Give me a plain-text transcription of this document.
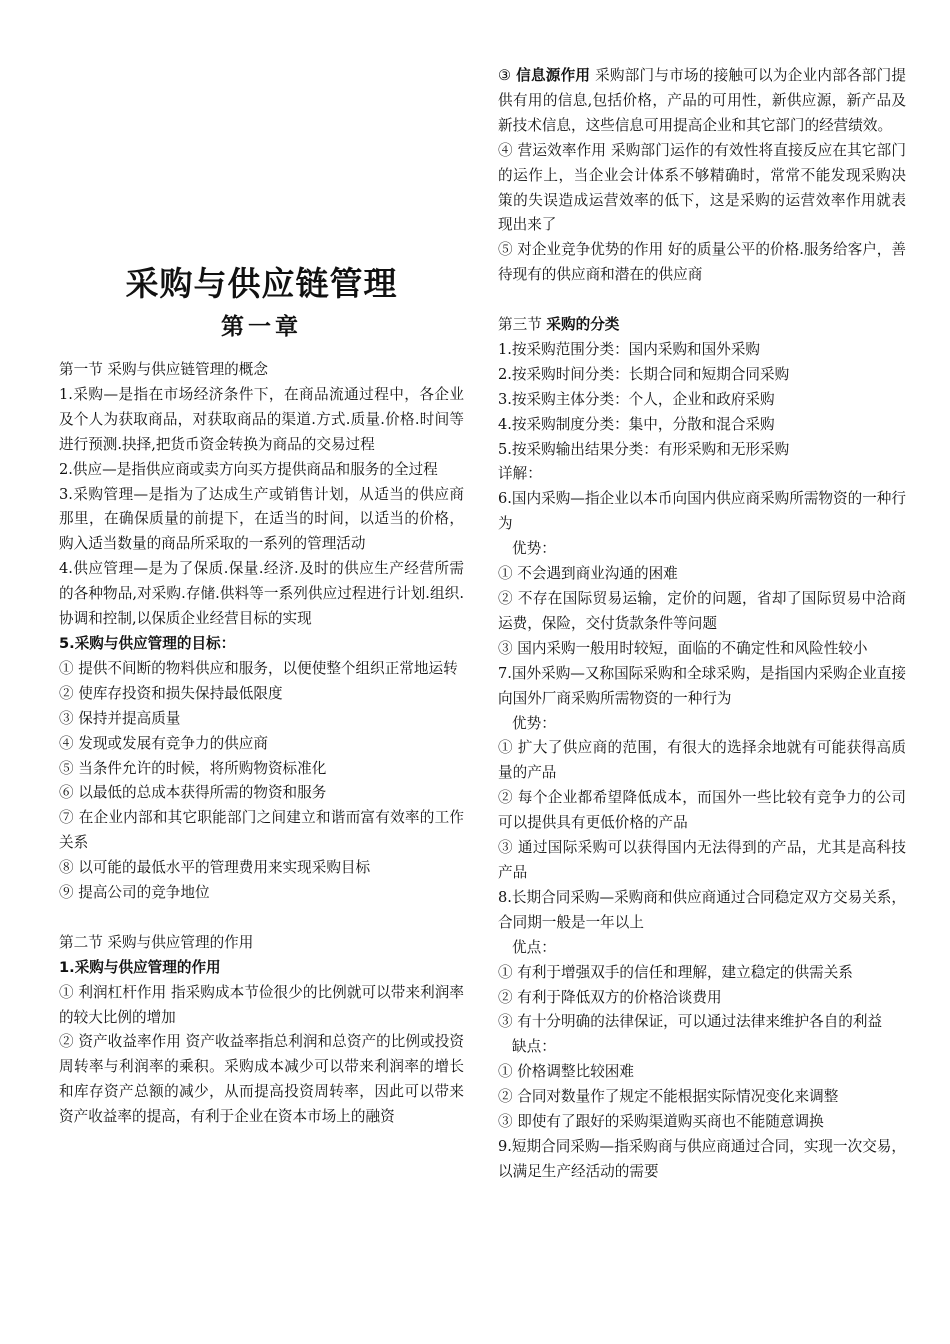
采购与供应链管理
第一章

第一节 采购与供应链管理的概念

1.采购—是指在市场经济条件下，在商品流通过程中，各企业及个人为获取商品，对获取商品的渠道.方式.质量.价格.时间等进行预测.抉择,把货币资金转换为商品的交易过程

2.供应—是指供应商或卖方向买方提供商品和服务的全过程

3.采购管理—是指为了达成生产或销售计划，从适当的供应商那里，在确保质量的前提下，在适当的时间，以适当的价格，购入适当数量的商品所采取的一系列的管理活动

4.供应管理—是为了保质.保量.经济.及时的供应生产经营所需的各种物品,对采购.存储.供料等一系列供应过程进行计划.组织.协调和控制,以保质企业经营目标的实现

5.采购与供应管理的目标：

① 提供不间断的物料供应和服务，以便使整个组织正常地运转

② 使库存投资和损失保持最低限度

③ 保持并提高质量

④ 发现或发展有竞争力的供应商

⑤ 当条件允许的时候，将所购物资标准化

⑥ 以最低的总成本获得所需的物资和服务

⑦ 在企业内部和其它职能部门之间建立和谐而富有效率的工作关系

⑧ 以可能的最低水平的管理费用来实现采购目标

⑨ 提高公司的竞争地位

第二节 采购与供应管理的作用

1.采购与供应管理的作用

① 利润杠杆作用 指采购成本节俭很少的比例就可以带来利润率的较大比例的增加

② 资产收益率作用 资产收益率指总利润和总资产的比例或投资周转率与利润率的乘积。采购成本减少可以带来利润率的增长和库存资产总额的减少，从而提高投资周转率，因此可以带来资产收益率的提高，有利于企业在资本市场上的融资

③ 信息源作用 采购部门与市场的接触可以为企业内部各部门提供有用的信息,包括价格，产品的可用性，新供应源，新产品及新技术信息，这些信息可用提高企业和其它部门的经营绩效。

④ 营运效率作用 采购部门运作的有效性将直接反应在其它部门的运作上，当企业会计体系不够精确时，常常不能发现采购决策的失误造成运营效率的低下，这是采购的运营效率作用就表现出来了

⑤ 对企业竞争优势的作用 好的质量公平的价格.服务给客户，善待现有的供应商和潜在的供应商

第三节 采购的分类

1.按采购范围分类：国内采购和国外采购

2.按采购时间分类：长期合同和短期合同采购

3.按采购主体分类：个人，企业和政府采购

4.按采购制度分类：集中，分散和混合采购

5.按采购输出结果分类：有形采购和无形采购

详解：

6.国内采购—指企业以本币向国内供应商采购所需物资的一种行为

优势：

① 不会遇到商业沟通的困难

② 不存在国际贸易运输，定价的问题，省却了国际贸易中洽商运费，保险，交付货款条件等问题

③ 国内采购一般用时较短，面临的不确定性和风险性较小

7.国外采购—又称国际采购和全球采购，是指国内采购企业直接向国外厂商采购所需物资的一种行为

优势：

① 扩大了供应商的范围，有很大的选择余地就有可能获得高质量的产品

② 每个企业都希望降低成本，而国外一些比较有竞争力的公司可以提供具有更低价格的产品

③ 通过国际采购可以获得国内无法得到的产品，尤其是高科技产品

8.长期合同采购—采购商和供应商通过合同稳定双方交易关系，合同期一般是一年以上

优点：

① 有利于增强双手的信任和理解，建立稳定的供需关系

② 有利于降低双方的价格洽谈费用

③ 有十分明确的法律保证，可以通过法律来维护各自的利益

缺点：

① 价格调整比较困难

② 合同对数量作了规定不能根据实际情况变化来调整

③ 即使有了跟好的采购渠道购买商也不能随意调换

9.短期合同采购—指采购商与供应商通过合同，实现一次交易，以满足生产经活动的需要
